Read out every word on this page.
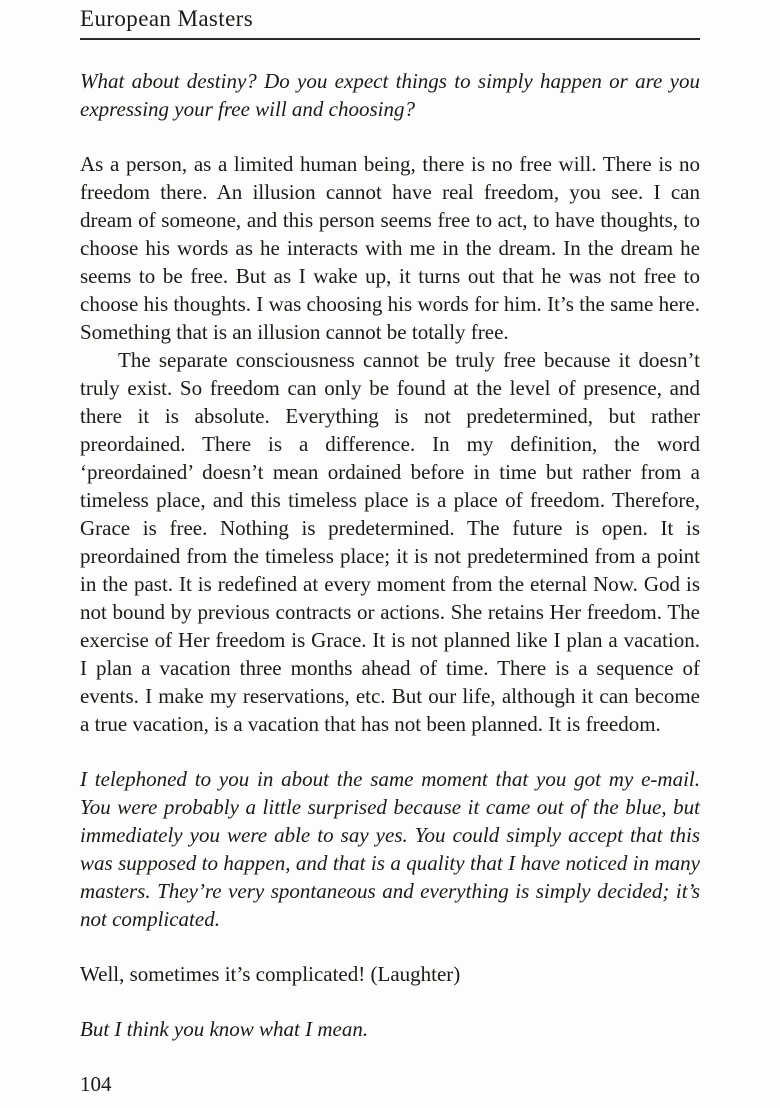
European Masters

What about destiny? Do you expect things to simply happen or are you expressing your free will and choosing?

As a person, as a limited human being, there is no free will. There is no freedom there. An illusion cannot have real freedom, you see. I can dream of someone, and this person seems free to act, to have thoughts, to choose his words as he interacts with me in the dream. In the dream he seems to be free. But as I wake up, it turns out that he was not free to choose his thoughts. I was choosing his words for him. It’s the same here. Something that is an illusion cannot be totally free.

The separate consciousness cannot be truly free because it doesn’t truly exist. So freedom can only be found at the level of presence, and there it is absolute. Everything is not predetermined, but rather preordained. There is a difference. In my definition, the word ‘preordained’ doesn’t mean ordained before in time but rather from a timeless place, and this timeless place is a place of freedom. Therefore, Grace is free. Nothing is predetermined. The future is open. It is preordained from the timeless place; it is not predetermined from a point in the past. It is redefined at every moment from the eternal Now. God is not bound by previous contracts or actions. She retains Her freedom. The exercise of Her freedom is Grace. It is not planned like I plan a vacation. I plan a vacation three months ahead of time. There is a sequence of events. I make my reservations, etc. But our life, although it can become a true vacation, is a vacation that has not been planned. It is freedom.

I telephoned to you in about the same moment that you got my e-mail. You were probably a little surprised because it came out of the blue, but immediately you were able to say yes. You could simply accept that this was supposed to happen, and that is a quality that I have noticed in many masters. They’re very spontaneous and everything is simply decided; it’s not complicated.

Well, sometimes it’s complicated! (Laughter)

But I think you know what I mean.

104
